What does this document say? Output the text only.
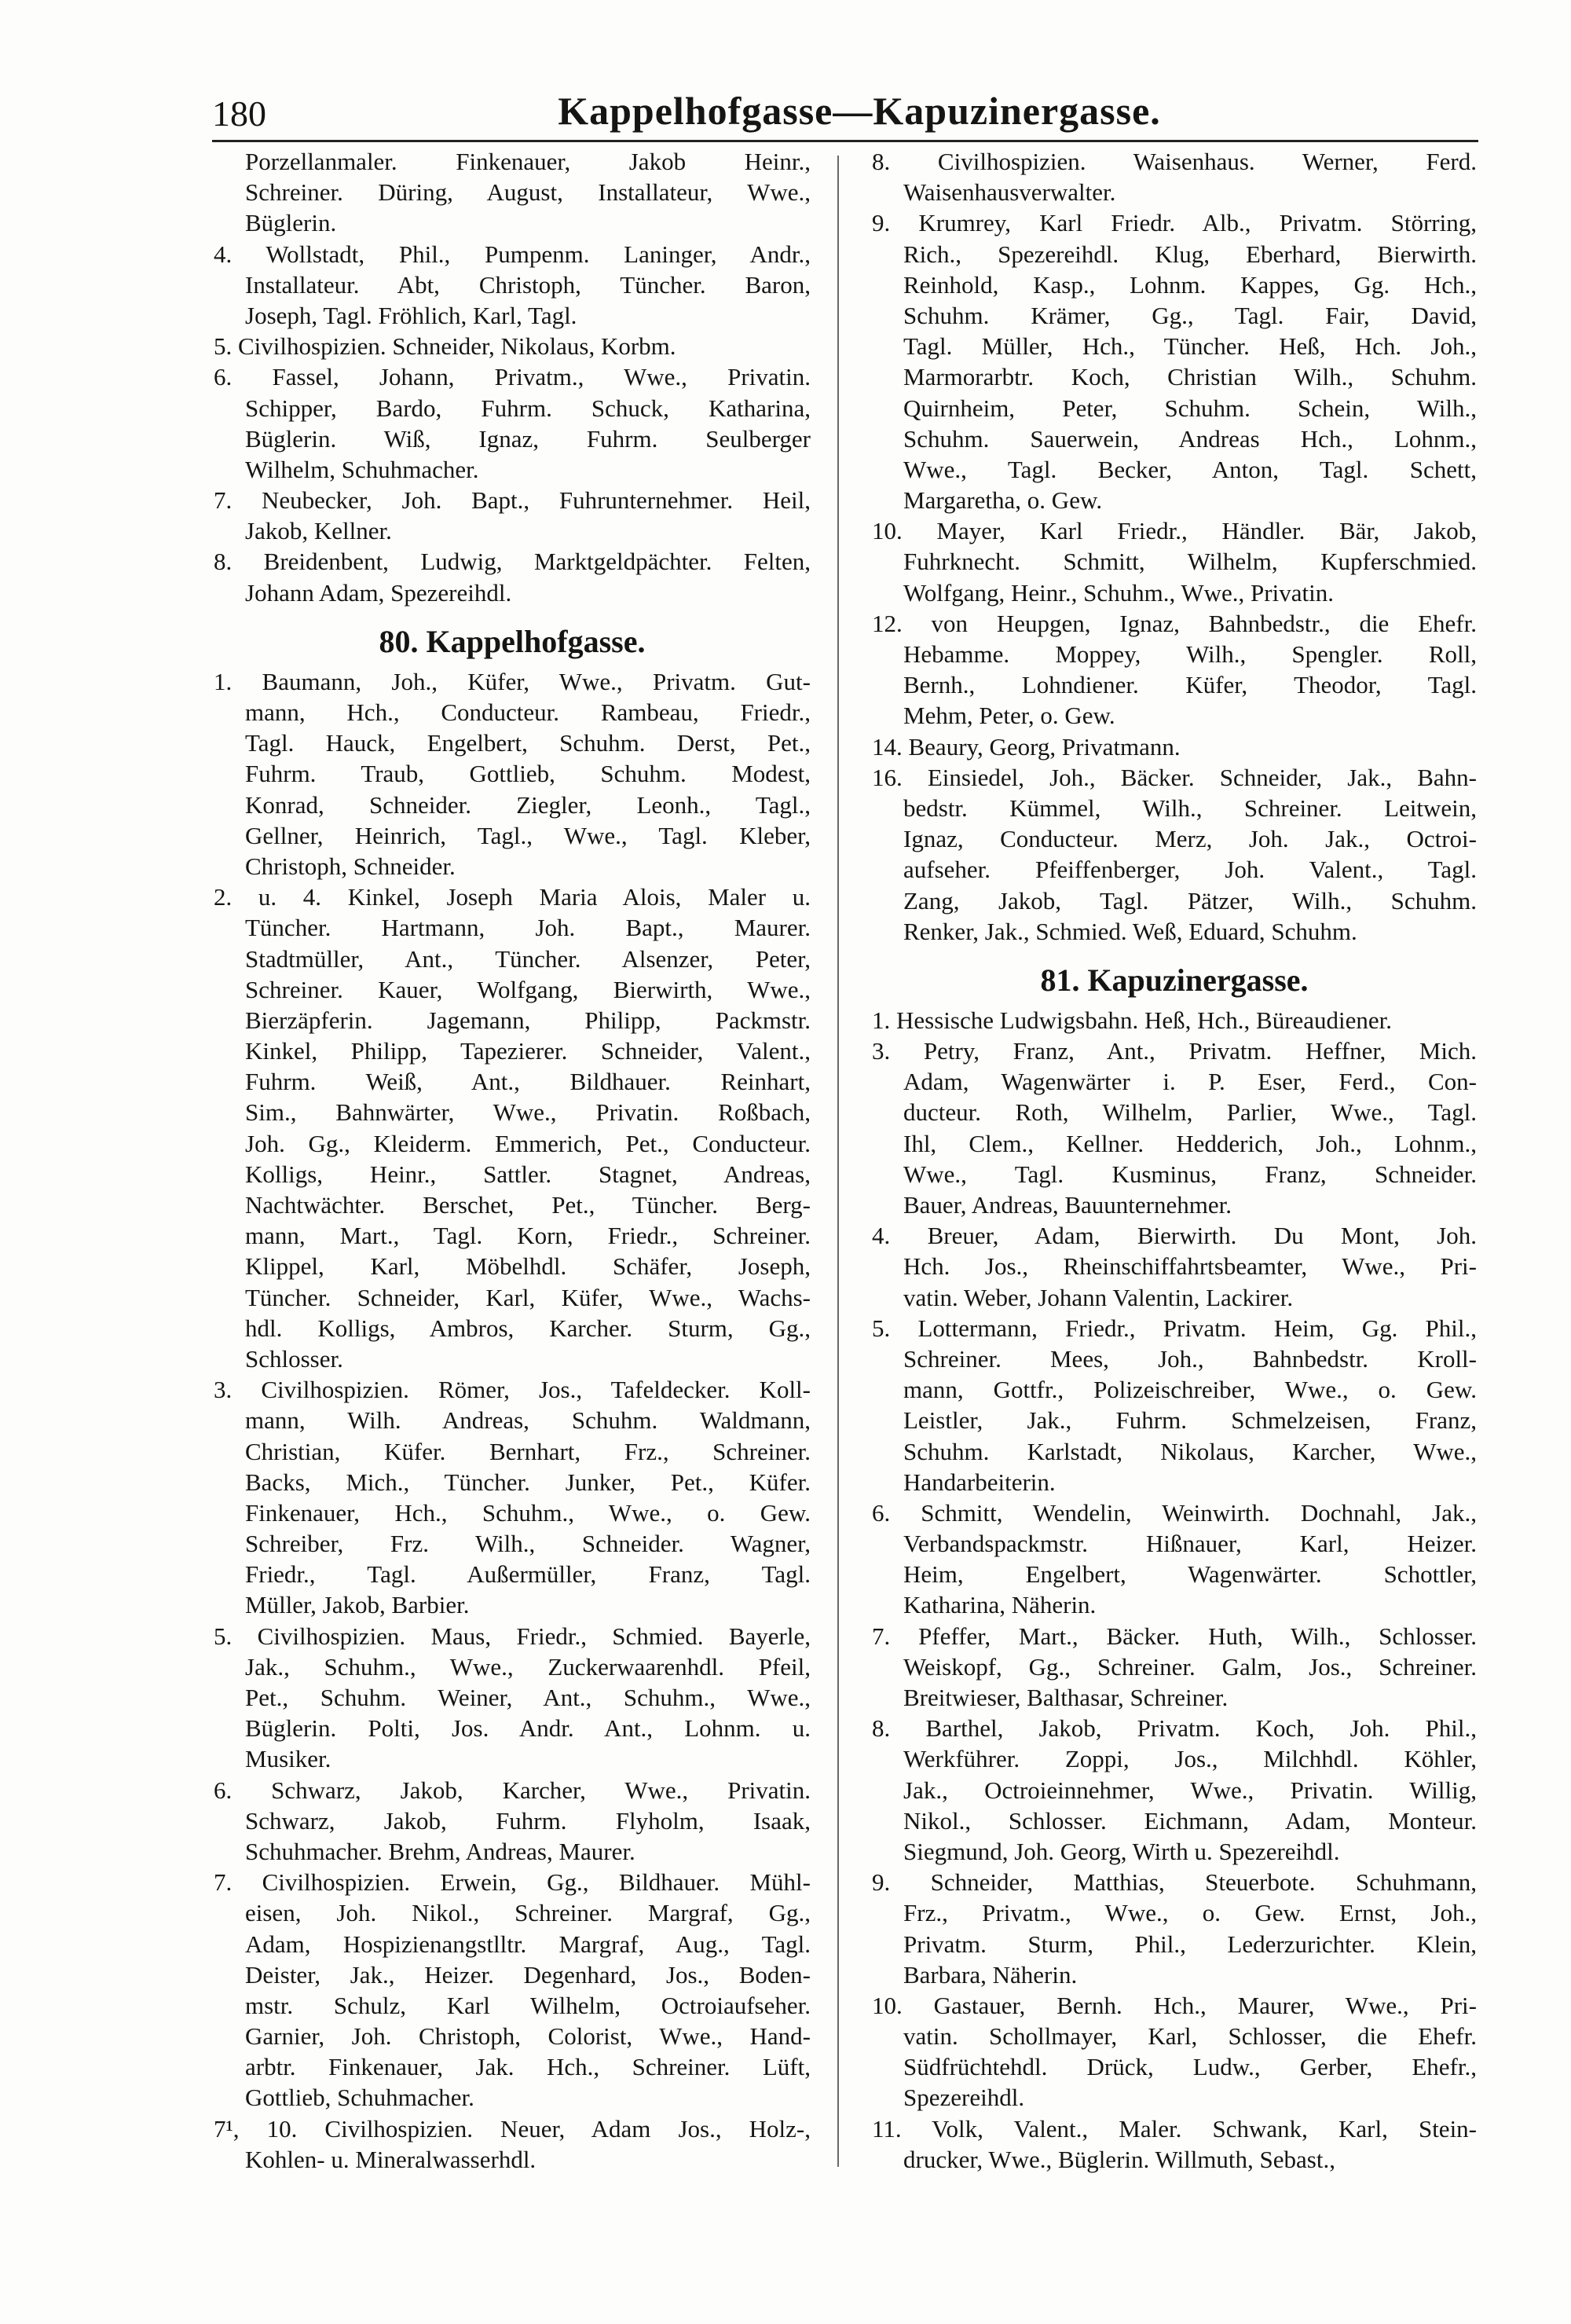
180	Kappelhofgasse—Kapuzinergasse.
Porzellanmaler. Finkenauer, Jakob Heinr.,
Schreiner. Düring, August, Installateur, Wwe.,
Büglerin.
4. Wollstadt, Phil., Pumpenm. Laninger, Andr.,
Installateur. Abt, Christoph, Tüncher. Baron,
Joseph, Tagl. Fröhlich, Karl, Tagl.
5. Civilhospizien. Schneider, Nikolaus, Korbm.
6. Fassel, Johann, Privatm., Wwe., Privatin.
Schipper, Bardo, Fuhrm. Schuck, Katharina,
Büglerin. Wiß, Ignaz, Fuhrm. Seulberger
Wilhelm, Schuhmacher.
7. Neubecker, Joh. Bapt., Fuhrunternehmer. Heil,
Jakob, Kellner.
8. Breidenbent, Ludwig, Marktgeldpächter. Felten,
Johann Adam, Spezereihdl.
80. Kappelhofgasse.
1. Baumann, Joh., Küfer, Wwe., Privatm. Gut-
mann, Hch., Conducteur. Rambeau, Friedr.,
Tagl. Hauck, Engelbert, Schuhm. Derst, Pet.,
Fuhrm. Traub, Gottlieb, Schuhm. Modest,
Konrad, Schneider. Ziegler, Leonh., Tagl.,
Gellner, Heinrich, Tagl., Wwe., Tagl. Kleber,
Christoph, Schneider.
2. u. 4. Kinkel, Joseph Maria Alois, Maler u.
Tüncher. Hartmann, Joh. Bapt., Maurer.
Stadtmüller, Ant., Tüncher. Alsenzer, Peter,
Schreiner. Kauer, Wolfgang, Bierwirth, Wwe.,
Bierzäpferin. Jagemann, Philipp, Packmstr.
Kinkel, Philipp, Tapezierer. Schneider, Valent.,
Fuhrm. Weiß, Ant., Bildhauer. Reinhart,
Sim., Bahnwärter, Wwe., Privatin. Roßbach,
Joh. Gg., Kleiderm. Emmerich, Pet., Conducteur.
Kolligs, Heinr., Sattler. Stagnet, Andreas,
Nachtwächter. Berschet, Pet., Tüncher. Berg-
mann, Mart., Tagl. Korn, Friedr., Schreiner.
Klippel, Karl, Möbelhdl. Schäfer, Joseph,
Tüncher. Schneider, Karl, Küfer, Wwe., Wachs-
hdl. Kolligs, Ambros, Karcher. Sturm, Gg.,
Schlosser.
3. Civilhospizien. Römer, Jos., Tafeldecker. Koll-
mann, Wilh. Andreas, Schuhm. Waldmann,
Christian, Küfer. Bernhart, Frz., Schreiner.
Backs, Mich., Tüncher. Junker, Pet., Küfer.
Finkenauer, Hch., Schuhm., Wwe., o. Gew.
Schreiber, Frz. Wilh., Schneider. Wagner,
Friedr., Tagl. Außermüller, Franz, Tagl.
Müller, Jakob, Barbier.
5. Civilhospizien. Maus, Friedr., Schmied. Bayerle,
Jak., Schuhm., Wwe., Zuckerwaarenhdl. Pfeil,
Pet., Schuhm. Weiner, Ant., Schuhm., Wwe.,
Büglerin. Polti, Jos. Andr. Ant., Lohnm. u.
Musiker.
6. Schwarz, Jakob, Karcher, Wwe., Privatin.
Schwarz, Jakob, Fuhrm. Flyholm, Isaak,
Schuhmacher. Brehm, Andreas, Maurer.
7. Civilhospizien. Erwein, Gg., Bildhauer. Mühl-
eisen, Joh. Nikol., Schreiner. Margraf, Gg.,
Adam, Hospizienangstlltr. Margraf, Aug., Tagl.
Deister, Jak., Heizer. Degenhard, Jos., Boden-
mstr. Schulz, Karl Wilhelm, Octroiaufseher.
Garnier, Joh. Christoph, Colorist, Wwe., Hand-
arbtr. Finkenauer, Jak. Hch., Schreiner. Lüft,
Gottlieb, Schuhmacher.
7¹, 10. Civilhospizien. Neuer, Adam Jos., Holz-,
Kohlen- u. Mineralwasserhdl.
8. Civilhospizien. Waisenhaus. Werner, Ferd.
Waisenhausverwalter.
9. Krumrey, Karl Friedr. Alb., Privatm. Störring,
Rich., Spezereihdl. Klug, Eberhard, Bierwirth.
Reinhold, Kasp., Lohnm. Kappes, Gg. Hch.,
Schuhm. Krämer, Gg., Tagl. Fair, David,
Tagl. Müller, Hch., Tüncher. Heß, Hch. Joh.,
Marmorarbtr. Koch, Christian Wilh., Schuhm.
Quirnheim, Peter, Schuhm. Schein, Wilh.,
Schuhm. Sauerwein, Andreas Hch., Lohnm.,
Wwe., Tagl. Becker, Anton, Tagl. Schett,
Margaretha, o. Gew.
10. Mayer, Karl Friedr., Händler. Bär, Jakob,
Fuhrknecht. Schmitt, Wilhelm, Kupferschmied.
Wolfgang, Heinr., Schuhm., Wwe., Privatin.
12. von Heupgen, Ignaz, Bahnbedstr., die Ehefr.
Hebamme. Moppey, Wilh., Spengler. Roll,
Bernh., Lohndiener. Küfer, Theodor, Tagl.
Mehm, Peter, o. Gew.
14. Beaury, Georg, Privatmann.
16. Einsiedel, Joh., Bäcker. Schneider, Jak., Bahn-
bedstr. Kümmel, Wilh., Schreiner. Leitwein,
Ignaz, Conducteur. Merz, Joh. Jak., Octroi-
aufseher. Pfeiffenberger, Joh. Valent., Tagl.
Zang, Jakob, Tagl. Pätzer, Wilh., Schuhm.
Renker, Jak., Schmied. Weß, Eduard, Schuhm.
81. Kapuzinergasse.
1. Hessische Ludwigsbahn. Heß, Hch., Büreaudiener.
3. Petry, Franz, Ant., Privatm. Heffner, Mich.
Adam, Wagenwärter i. P. Eser, Ferd., Con-
ducteur. Roth, Wilhelm, Parlier, Wwe., Tagl.
Ihl, Clem., Kellner. Hedderich, Joh., Lohnm.,
Wwe., Tagl. Kusminus, Franz, Schneider.
Bauer, Andreas, Bauunternehmer.
4. Breuer, Adam, Bierwirth. Du Mont, Joh.
Hch. Jos., Rheinschiffahrtsbeamter, Wwe., Pri-
vatin. Weber, Johann Valentin, Lackirer.
5. Lottermann, Friedr., Privatm. Heim, Gg. Phil.,
Schreiner. Mees, Joh., Bahnbedstr. Kroll-
mann, Gottfr., Polizeischreiber, Wwe., o. Gew.
Leistler, Jak., Fuhrm. Schmelzeisen, Franz,
Schuhm. Karlstadt, Nikolaus, Karcher, Wwe.,
Handarbeiterin.
6. Schmitt, Wendelin, Weinwirth. Dochnahl, Jak.,
Verbandspackmstr. Hißnauer, Karl, Heizer.
Heim, Engelbert, Wagenwärter. Schottler,
Katharina, Näherin.
7. Pfeffer, Mart., Bäcker. Huth, Wilh., Schlosser.
Weiskopf, Gg., Schreiner. Galm, Jos., Schreiner.
Breitwieser, Balthasar, Schreiner.
8. Barthel, Jakob, Privatm. Koch, Joh. Phil.,
Werkführer. Zoppi, Jos., Milchhdl. Köhler,
Jak., Octroieinnehmer, Wwe., Privatin. Willig,
Nikol., Schlosser. Eichmann, Adam, Monteur.
Siegmund, Joh. Georg, Wirth u. Spezereihdl.
9. Schneider, Matthias, Steuerbote. Schuhmann,
Frz., Privatm., Wwe., o. Gew. Ernst, Joh.,
Privatm. Sturm, Phil., Lederzurichter. Klein,
Barbara, Näherin.
10. Gastauer, Bernh. Hch., Maurer, Wwe., Pri-
vatin. Schollmayer, Karl, Schlosser, die Ehefr.
Südfrüchtehdl. Drück, Ludw., Gerber, Ehefr.,
Spezereihdl.
11. Volk, Valent., Maler. Schwank, Karl, Stein-
drucker, Wwe., Büglerin. Willmuth, Sebast.,
